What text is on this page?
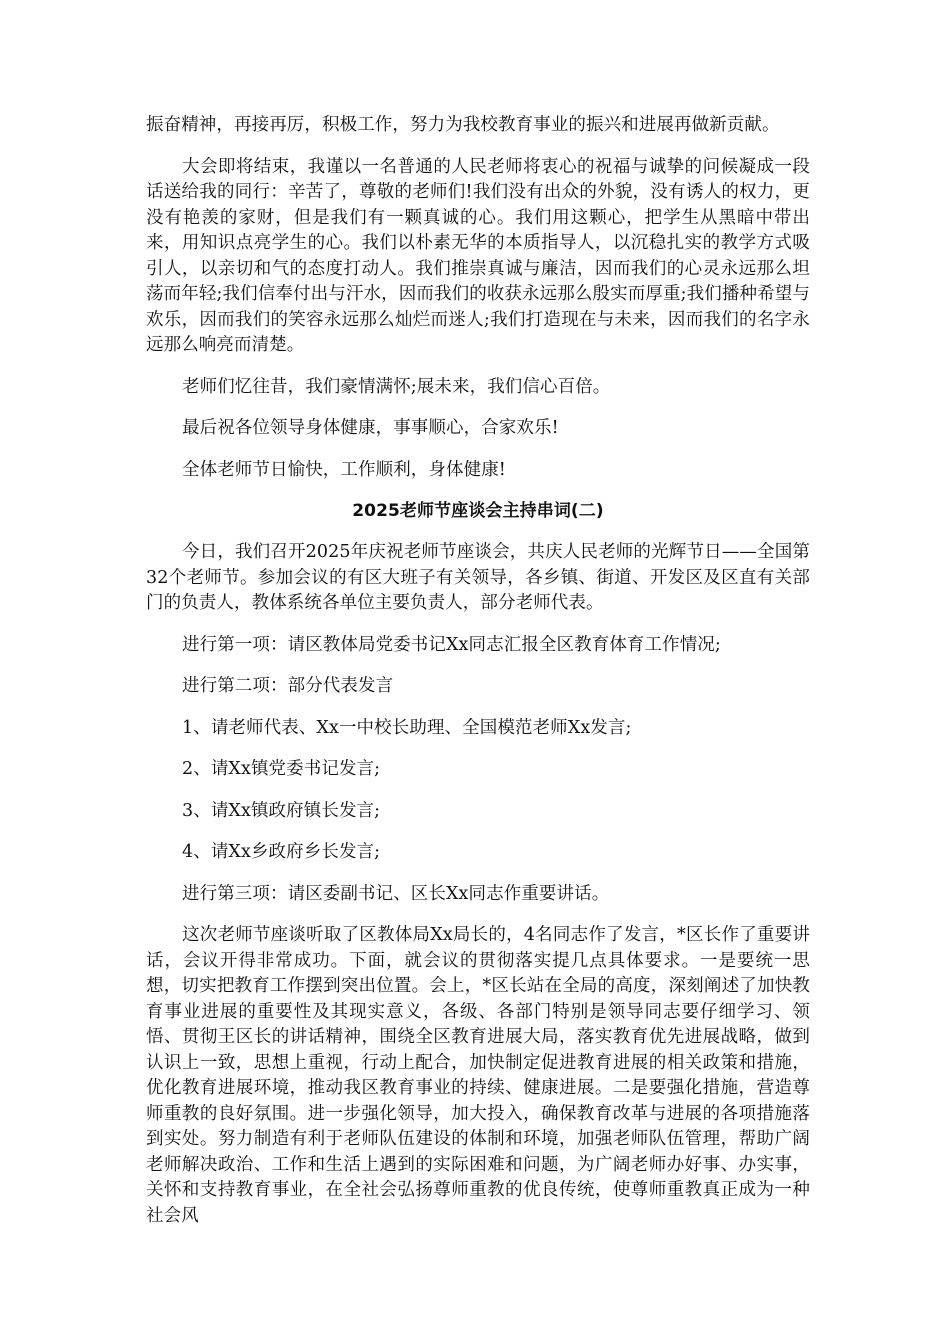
振奋精神，再接再厉，积极工作，努力为我校教育事业的振兴和进展再做新贡献。

大会即将结束，我谨以一名普通的人民老师将衷心的祝福与诚挚的问候凝成一段话送给我的同行：辛苦了，尊敬的老师们!我们没有出众的外貌，没有诱人的权力，更没有艳羡的家财，但是我们有一颗真诚的心。我们用这颗心，把学生从黑暗中带出来，用知识点亮学生的心。我们以朴素无华的本质指导人，以沉稳扎实的教学方式吸引人，以亲切和气的态度打动人。我们推崇真诚与廉洁，因而我们的心灵永远那么坦荡而年轻;我们信奉付出与汗水，因而我们的收获永远那么殷实而厚重;我们播种希望与欢乐，因而我们的笑容永远那么灿烂而迷人;我们打造现在与未来，因而我们的名字永远那么响亮而清楚。

老师们忆往昔，我们豪情满怀;展未来，我们信心百倍。

最后祝各位领导身体健康，事事顺心，合家欢乐!

全体老师节日愉快，工作顺利，身体健康!

2025老师节座谈会主持串词(二)

今日，我们召开2025年庆祝老师节座谈会，共庆人民老师的光辉节日——全国第32个老师节。参加会议的有区大班子有关领导，各乡镇、街道、开发区及区直有关部门的负责人，教体系统各单位主要负责人，部分老师代表。

进行第一项：请区教体局党委书记Xx同志汇报全区教育体育工作情况;

进行第二项：部分代表发言

1、请老师代表、Xx一中校长助理、全国模范老师Xx发言;

2、请Xx镇党委书记发言;

3、请Xx镇政府镇长发言;

4、请Xx乡政府乡长发言;

进行第三项：请区委副书记、区长Xx同志作重要讲话。

这次老师节座谈听取了区教体局Xx局长的，4名同志作了发言，*区长作了重要讲话，会议开得非常成功。下面，就会议的贯彻落实提几点具体要求。一是要统一思想，切实把教育工作摆到突出位置。会上，*区长站在全局的高度，深刻阐述了加快教育事业进展的重要性及其现实意义，各级、各部门特别是领导同志要仔细学习、领悟、贯彻王区长的讲话精神，围绕全区教育进展大局，落实教育优先进展战略，做到认识上一致，思想上重视，行动上配合，加快制定促进教育进展的相关政策和措施，优化教育进展环境，推动我区教育事业的持续、健康进展。二是要强化措施，营造尊师重教的良好氛围。进一步强化领导，加大投入，确保教育改革与进展的各项措施落到实处。努力制造有利于老师队伍建设的体制和环境，加强老师队伍管理，帮助广阔老师解决政治、工作和生活上遇到的实际困难和问题，为广阔老师办好事、办实事，关怀和支持教育事业，在全社会弘扬尊师重教的优良传统，使尊师重教真正成为一种社会风
